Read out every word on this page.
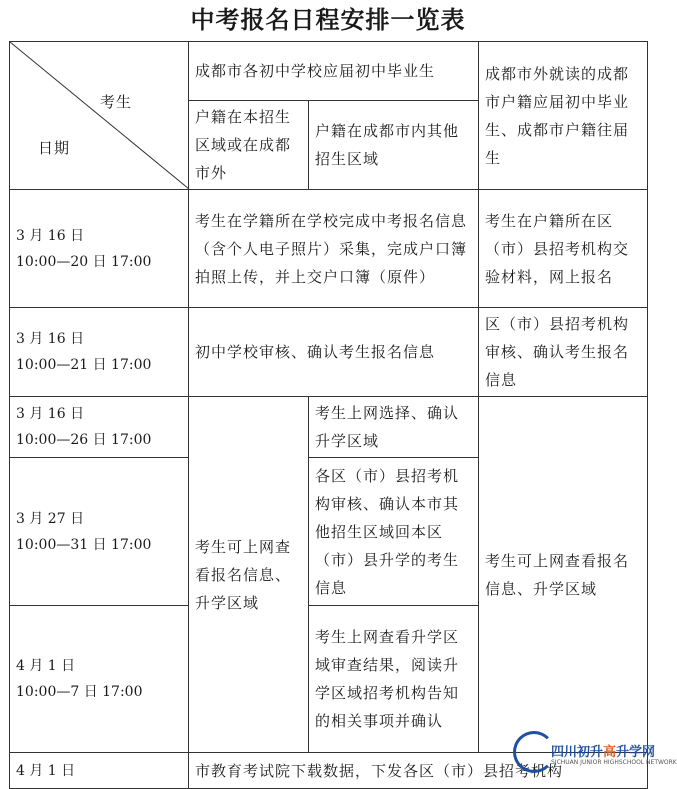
中考报名日程安排一览表
考生
日期	成都市各初中学校应届初中毕业生		成都市外就读的成都市户籍应届初中毕业生、成都市户籍往届生
	户籍在本招生区域或在成都市外	户籍在成都市内其他招生区域	

3 月 16 日
10:00—20 日 17:00	考生在学籍所在学校完成中考报名信息（含个人电子照片）采集，完成户口簿拍照上传，并上交户口簿（原件）		考生在户籍所在区（市）县招考机构交验材料，网上报名

3 月 16 日
10:00—21 日 17:00	初中学校审核、确认考生报名信息		区（市）县招考机构审核、确认考生报名信息

3 月 16 日
10:00—26 日 17:00	考生可上网查看报名信息、升学区域	考生上网选择、确认升学区域	考生可上网查看报名信息、升学区域

3 月 27 日
10:00—31 日 17:00		各区（市）县招考机构审核、确认本市其他招生区域回本区（市）县升学的考生信息	

4 月 1 日
10:00—7 日 17:00		考生上网查看升学区域审查结果，阅读升学区域招考机构告知的相关事项并确认	

4 月 1 日	市教育考试院下载数据，下发各区（市）县招考机构		
四川初升高升学网
SICHUAN JUNIOR HIGHSCHOOL NETWORK
